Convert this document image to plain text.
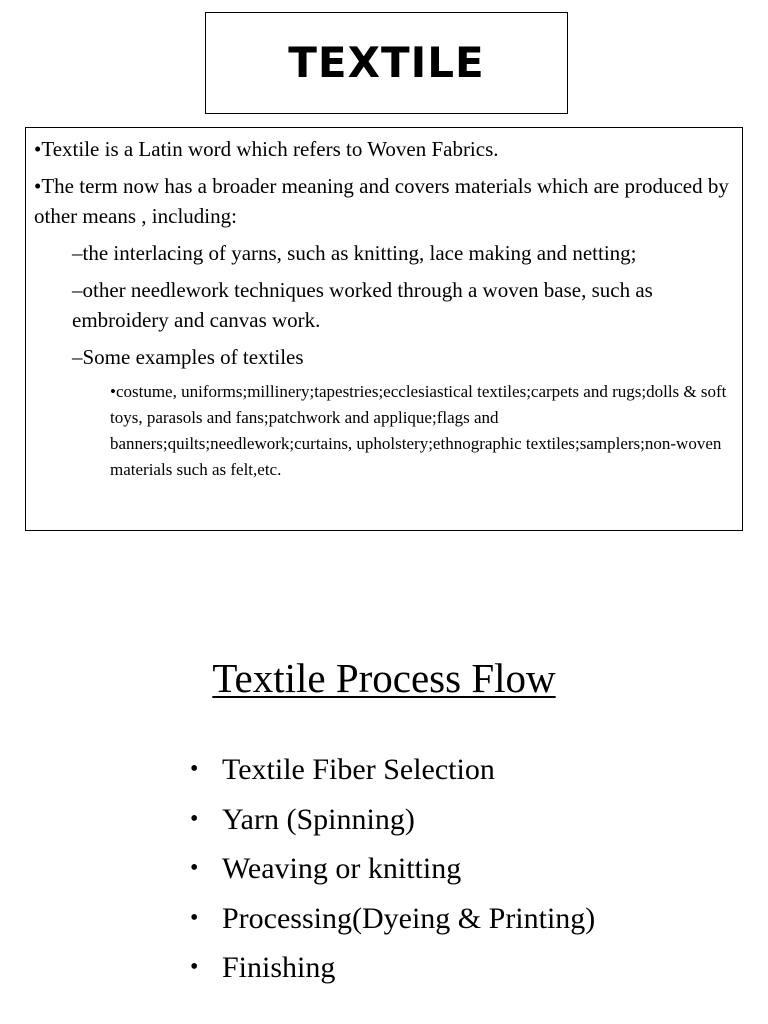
TEXTILE

•Textile is a Latin word which refers to Woven Fabrics.

•The term now has a broader meaning and covers materials which are produced by other means , including:

–the interlacing of yarns, such as knitting, lace making and netting;

–other needlework techniques worked through a woven base, such as embroidery and canvas work.

–Some examples of textiles

•costume, uniforms;millinery;tapestries;ecclesiastical textiles;carpets and rugs;dolls & soft toys, parasols and fans;patchwork and applique;flags and banners;quilts;needlework;curtains, upholstery;ethnographic textiles;samplers;non-woven materials such as felt,etc.

Textile Process Flow
• Textile Fiber Selection
• Yarn (Spinning)
• Weaving or knitting
• Processing(Dyeing & Printing)
• Finishing
